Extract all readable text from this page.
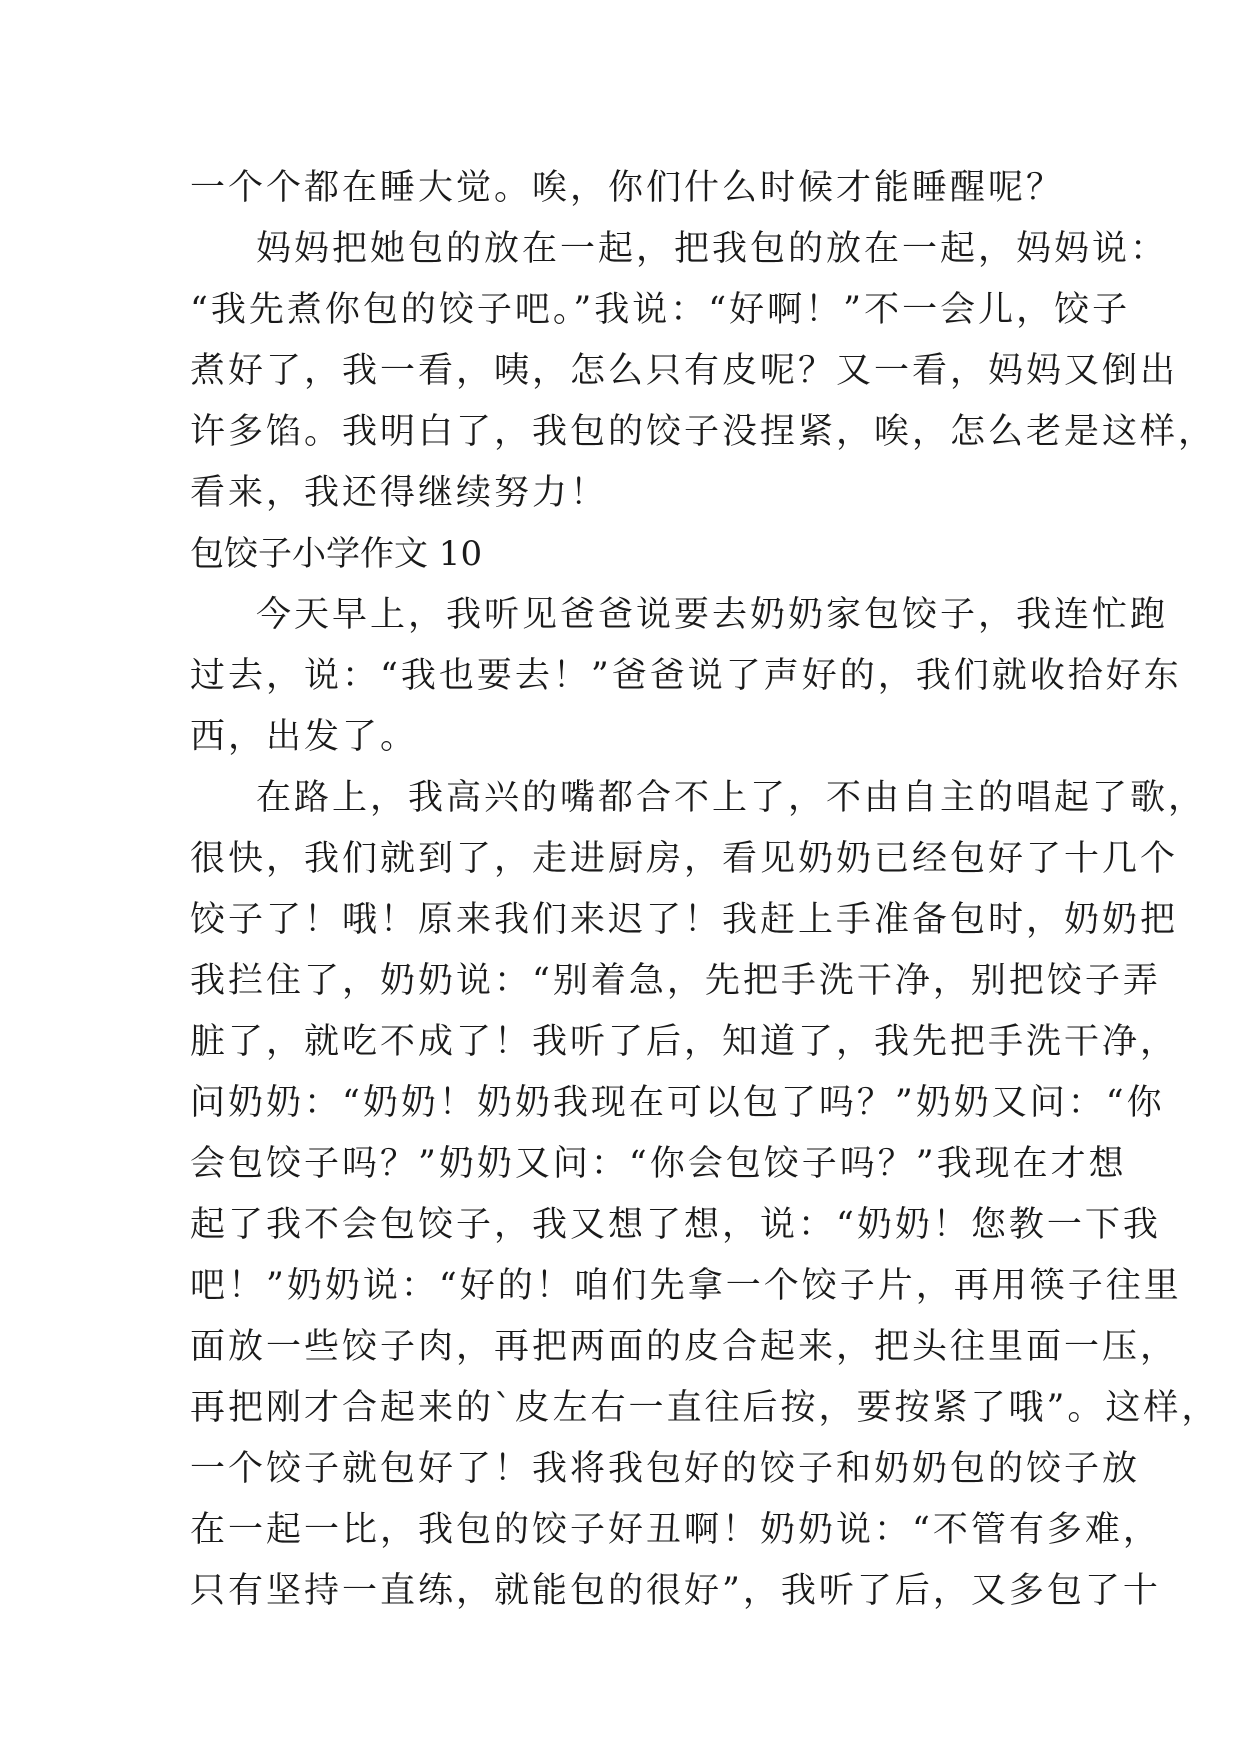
一个个都在睡大觉。唉，你们什么时候才能睡醒呢？
妈妈把她包的放在一起，把我包的放在一起，妈妈说：
“我先煮你包的饺子吧。”我说：“好啊！”不一会儿，饺子
煮好了，我一看，咦，怎么只有皮呢？又一看，妈妈又倒出
许多馅。我明白了，我包的饺子没捏紧，唉，怎么老是这样，
看来，我还得继续努力！
包饺子小学作文 10
今天早上，我听见爸爸说要去奶奶家包饺子，我连忙跑
过去，说：“我也要去！”爸爸说了声好的，我们就收拾好东
西，出发了。
在路上，我高兴的嘴都合不上了，不由自主的唱起了歌，
很快，我们就到了，走进厨房，看见奶奶已经包好了十几个
饺子了！哦！原来我们来迟了！我赶上手准备包时，奶奶把
我拦住了，奶奶说：“别着急，先把手洗干净，别把饺子弄
脏了，就吃不成了！我听了后，知道了，我先把手洗干净，
问奶奶：“奶奶！奶奶我现在可以包了吗？”奶奶又问：“你
会包饺子吗？”奶奶又问：“你会包饺子吗？”我现在才想
起了我不会包饺子，我又想了想，说：“奶奶！您教一下我
吧！”奶奶说：“好的！咱们先拿一个饺子片，再用筷子往里
面放一些饺子肉，再把两面的皮合起来，把头往里面一压，
再把刚才合起来的`皮左右一直往后按，要按紧了哦”。这样，
一个饺子就包好了！我将我包好的饺子和奶奶包的饺子放
在一起一比，我包的饺子好丑啊！奶奶说：“不管有多难，
只有坚持一直练，就能包的很好”，我听了后，又多包了十
